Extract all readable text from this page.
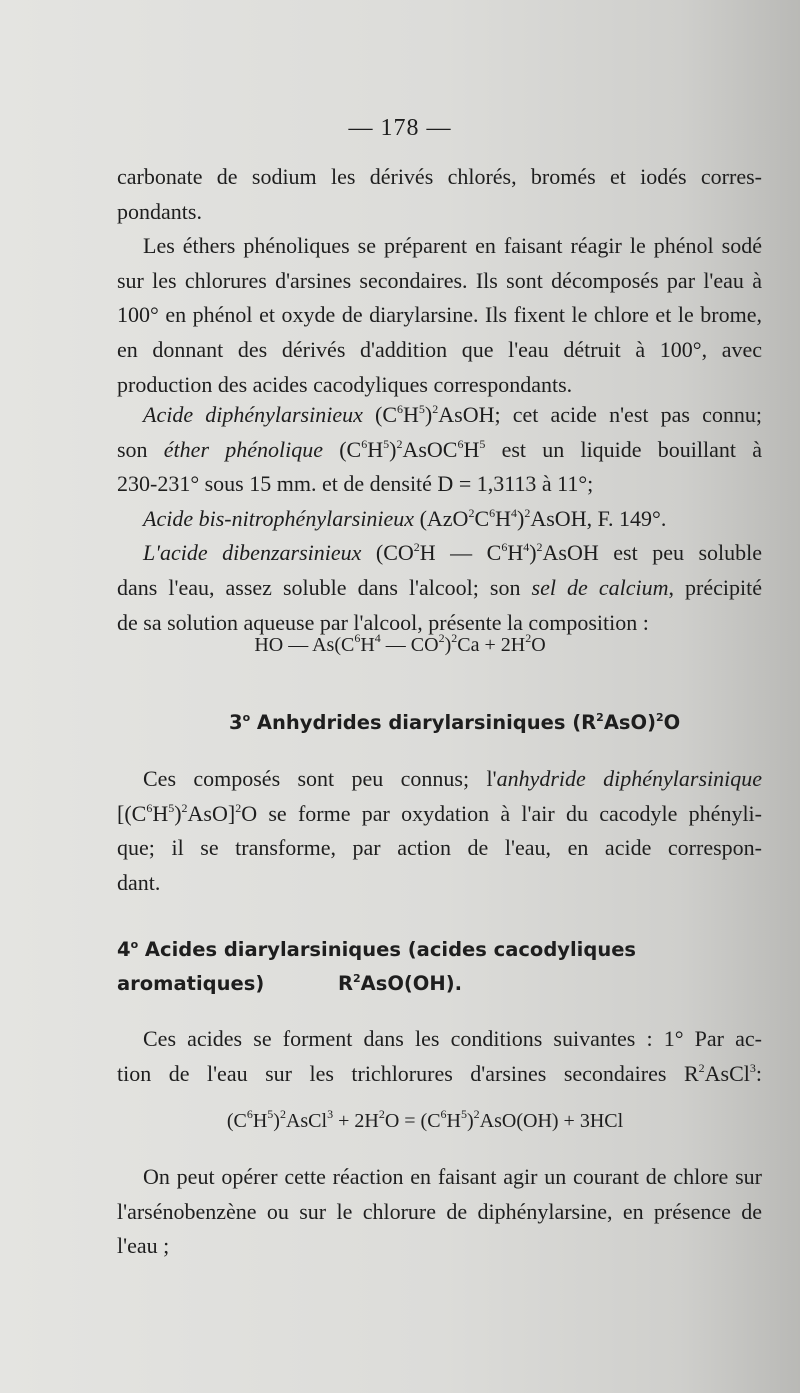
— 178 —

carbonate de sodium les dérivés chlorés, bromés et iodés corres-

pondants.

Les éthers phénoliques se préparent en faisant réagir le phénol sodé sur les chlorures d'arsines secondaires. Ils sont décomposés par l'eau à 100° en phénol et oxyde de diarylarsine. Ils fixent le chlore et le brome, en donnant des dérivés d'addition que l'eau détruit à 100°, avec production des acides cacodyliques correspondants.

Acide diphénylarsinieux $(C^6H^5)^2AsOH$; cet acide n'est pas connu;

son éther phénolique $(C^6H^5)^2AsOC^6H^5$ est un liquide bouillant à

230-231° sous 15 mm. et de densité D = 1,3113 à 11°;

Acide bis-nitrophénylarsinieux $(AzO^2C^6H^4)^2AsOH$, F. 149°.

L'acide dibenzarsinieux ($CO^2H$ — $C^6H^4)^2AsOH$ est peu soluble

dans l'eau, assez soluble dans l'alcool; son sel de calcium, précipité

de sa solution aqueuse par l'alcool, présente la composition :

HO — $As(C^6H^4$ — $CO^2)^2Ca + 2H^2O$
3$^o$ Anhydrides diarylarsiniques $(R^2AsO)^2O$

Ces composés sont peu connus; l'anhydride diphénylarsinique

$[(C^6H^5)^2AsO]^2O$ se forme par oxydation à l'air du cacodyle phényli-

que; il se transforme, par action de l'eau, en acide correspon-

dant.

4$^o$ Acides diarylarsiniques (acides cacodyliques aromatiques)	$R^2AsO(OH)$.

Ces acides se forment dans les conditions suivantes : 1° Par ac-

tion de l'eau sur les trichlorures d'arsines secondaires $R^2AsCl^3$:

$(C^6H^5)^2AsCl^3 + 2H^2O = (C^6H^5)^2AsO(OH) + 3HCl$

On peut opérer cette réaction en faisant agir un courant de chlore sur l'arsénobenzène ou sur le chlorure de diphénylarsine, en présence de l'eau ;
